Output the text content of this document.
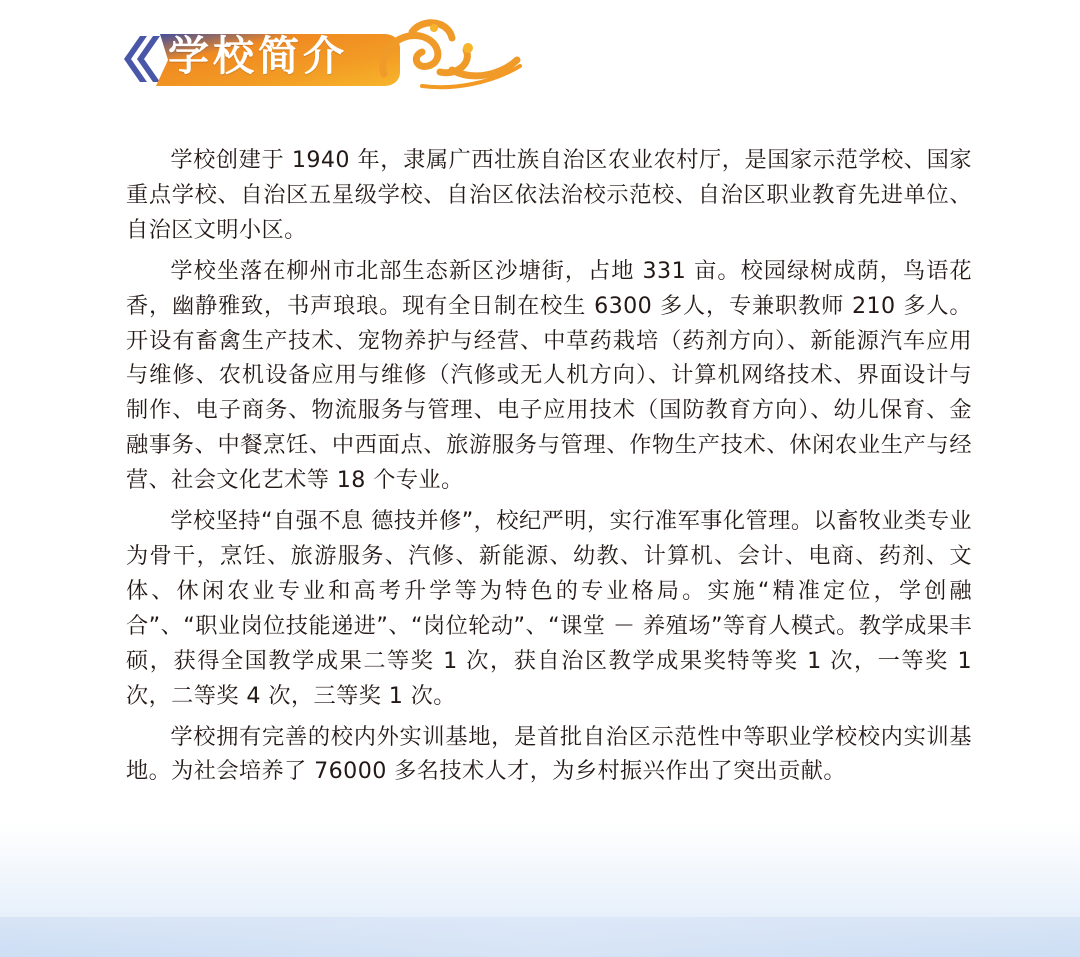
学校简介

学校创建于 1940 年，隶属广西壮族自治区农业农村厅，是国家示范学校、国家重点学校、自治区五星级学校、自治区依法治校示范校、自治区职业教育先进单位、自治区文明小区。

学校坐落在柳州市北部生态新区沙塘街，占地 331 亩。校园绿树成荫，鸟语花香，幽静雅致，书声琅琅。现有全日制在校生 6300 多人，专兼职教师 210 多人。开设有畜禽生产技术、宠物养护与经营、中草药栽培（药剂方向）、新能源汽车应用与维修、农机设备应用与维修（汽修或无人机方向）、计算机网络技术、界面设计与制作、电子商务、物流服务与管理、电子应用技术（国防教育方向）、幼儿保育、金融事务、中餐烹饪、中西面点、旅游服务与管理、作物生产技术、休闲农业生产与经营、社会文化艺术等 18 个专业。

学校坚持“自强不息 德技并修”，校纪严明，实行准军事化管理。以畜牧业类专业为骨干，烹饪、旅游服务、汽修、新能源、幼教、计算机、会计、电商、药剂、文体、休闲农业专业和高考升学等为特色的专业格局。实施“精准定位，学创融合”、“职业岗位技能递进”、“岗位轮动”、“课堂 － 养殖场”等育人模式。教学成果丰硕，获得全国教学成果二等奖 1 次，获自治区教学成果奖特等奖 1 次，一等奖 1 次，二等奖 4 次，三等奖 1 次。

学校拥有完善的校内外实训基地，是首批自治区示范性中等职业学校校内实训基地。为社会培养了 76000 多名技术人才，为乡村振兴作出了突出贡献。
